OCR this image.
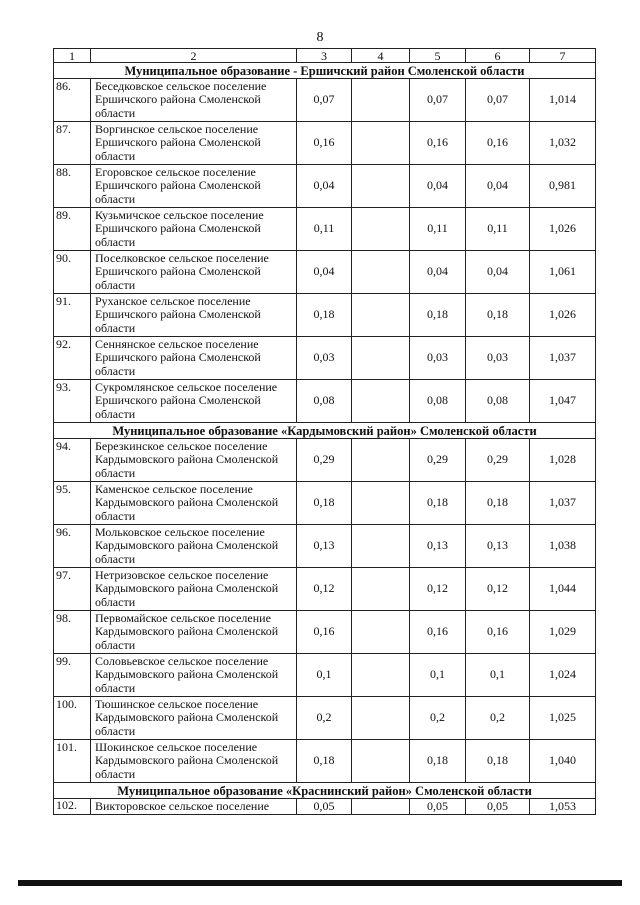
8
1	2	3	4	5	6	7
Муниципальное образование - Ершичский район Смоленской области						
86.	Беседковское сельское поселение Ершичского района Смоленской области	0,07		0,07	0,07	1,014
87.	Воргинское сельское поселение Ершичского района Смоленской области	0,16		0,16	0,16	1,032
88.	Егоровское сельское поселение Ершичского района Смоленской области	0,04		0,04	0,04	0,981
89.	Кузьмичское сельское поселение Ершичского района Смоленской области	0,11		0,11	0,11	1,026
90.	Поселковское сельское поселение Ершичского района Смоленской области	0,04		0,04	0,04	1,061
91.	Руханское сельское поселение Ершичского района Смоленской области	0,18		0,18	0,18	1,026
92.	Сеннянское сельское поселение Ершичского района Смоленской области	0,03		0,03	0,03	1,037
93.	Сукромлянское сельское поселение Ершичского района Смоленской области	0,08		0,08	0,08	1,047
Муниципальное образование «Кардымовский район» Смоленской области						
94.	Березкинское сельское поселение Кардымовского района Смоленской области	0,29		0,29	0,29	1,028
95.	Каменское сельское поселение Кардымовского района Смоленской области	0,18		0,18	0,18	1,037
96.	Мольковское сельское поселение Кардымовского района Смоленской области	0,13		0,13	0,13	1,038
97.	Нетризовское сельское поселение Кардымовского района Смоленской области	0,12		0,12	0,12	1,044
98.	Первомайское сельское поселение Кардымовского района Смоленской области	0,16		0,16	0,16	1,029
99.	Соловьевское сельское поселение Кардымовского района Смоленской области	0,1		0,1	0,1	1,024
100.	Тюшинское сельское поселение Кардымовского района Смоленской области	0,2		0,2	0,2	1,025
101.	Шокинское сельское поселение Кардымовского района Смоленской области	0,18		0,18	0,18	1,040
Муниципальное образование «Краснинский район» Смоленской области						
102.	Викторовское сельское поселение	0,05		0,05	0,05	1,053
